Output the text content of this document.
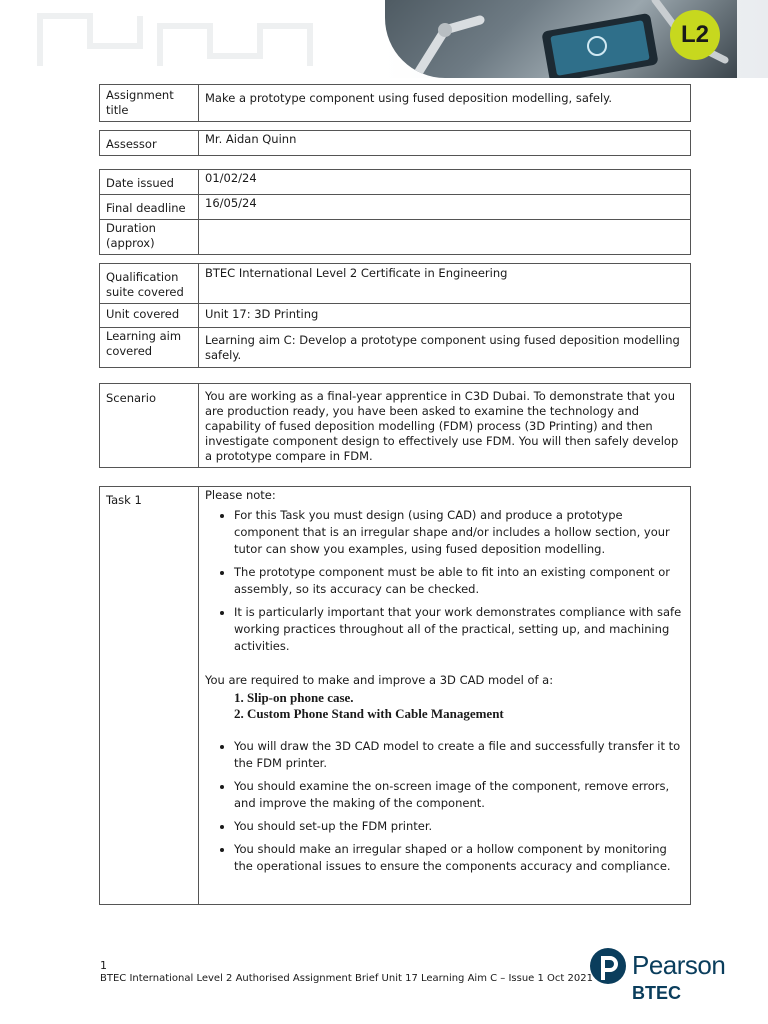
L2
Assignment title	Make a prototype component using fused deposition modelling, safely.
Assessor	Mr. Aidan Quinn
Date issued	01/02/24
Final deadline	16/05/24
Duration (approx)	
Qualification suite covered	BTEC International Level 2 Certificate in Engineering
Unit covered	Unit 17: 3D Printing
Learning aim covered	Learning aim C: Develop a prototype component using fused deposition modelling safely.
Scenario	You are working as a final-year apprentice in C3D Dubai. To demonstrate that you are production ready, you have been asked to examine the technology and capability of fused deposition modelling (FDM) process (3D Printing) and then investigate component design to effectively use FDM. You will then safely develop a prototype compare in FDM.
Task 1	Please note:
• For this Task you must design (using CAD) and produce a prototype component that is an irregular shape and/or includes a hollow section, your tutor can show you examples, using fused deposition modelling.
• The prototype component must be able to fit into an existing component or assembly, so its accuracy can be checked.
• It is particularly important that your work demonstrates compliance with safe working practices throughout all of the practical, setting up, and machining activities.
You are required to make and improve a 3D CAD model of a:
1. Slip-on phone case.
2. Custom Phone Stand with Cable Management
• You will draw the 3D CAD model to create a file and successfully transfer it to the FDM printer.
• You should examine the on-screen image of the component, remove errors, and improve the making of the component.
• You should set-up the FDM printer.
• You should make an irregular shaped or a hollow component by monitoring the operational issues to ensure the components accuracy and compliance.
1
BTEC International Level 2 Authorised Assignment Brief Unit 17 Learning Aim C – Issue 1 Oct 2021 Pearson
BTEC
